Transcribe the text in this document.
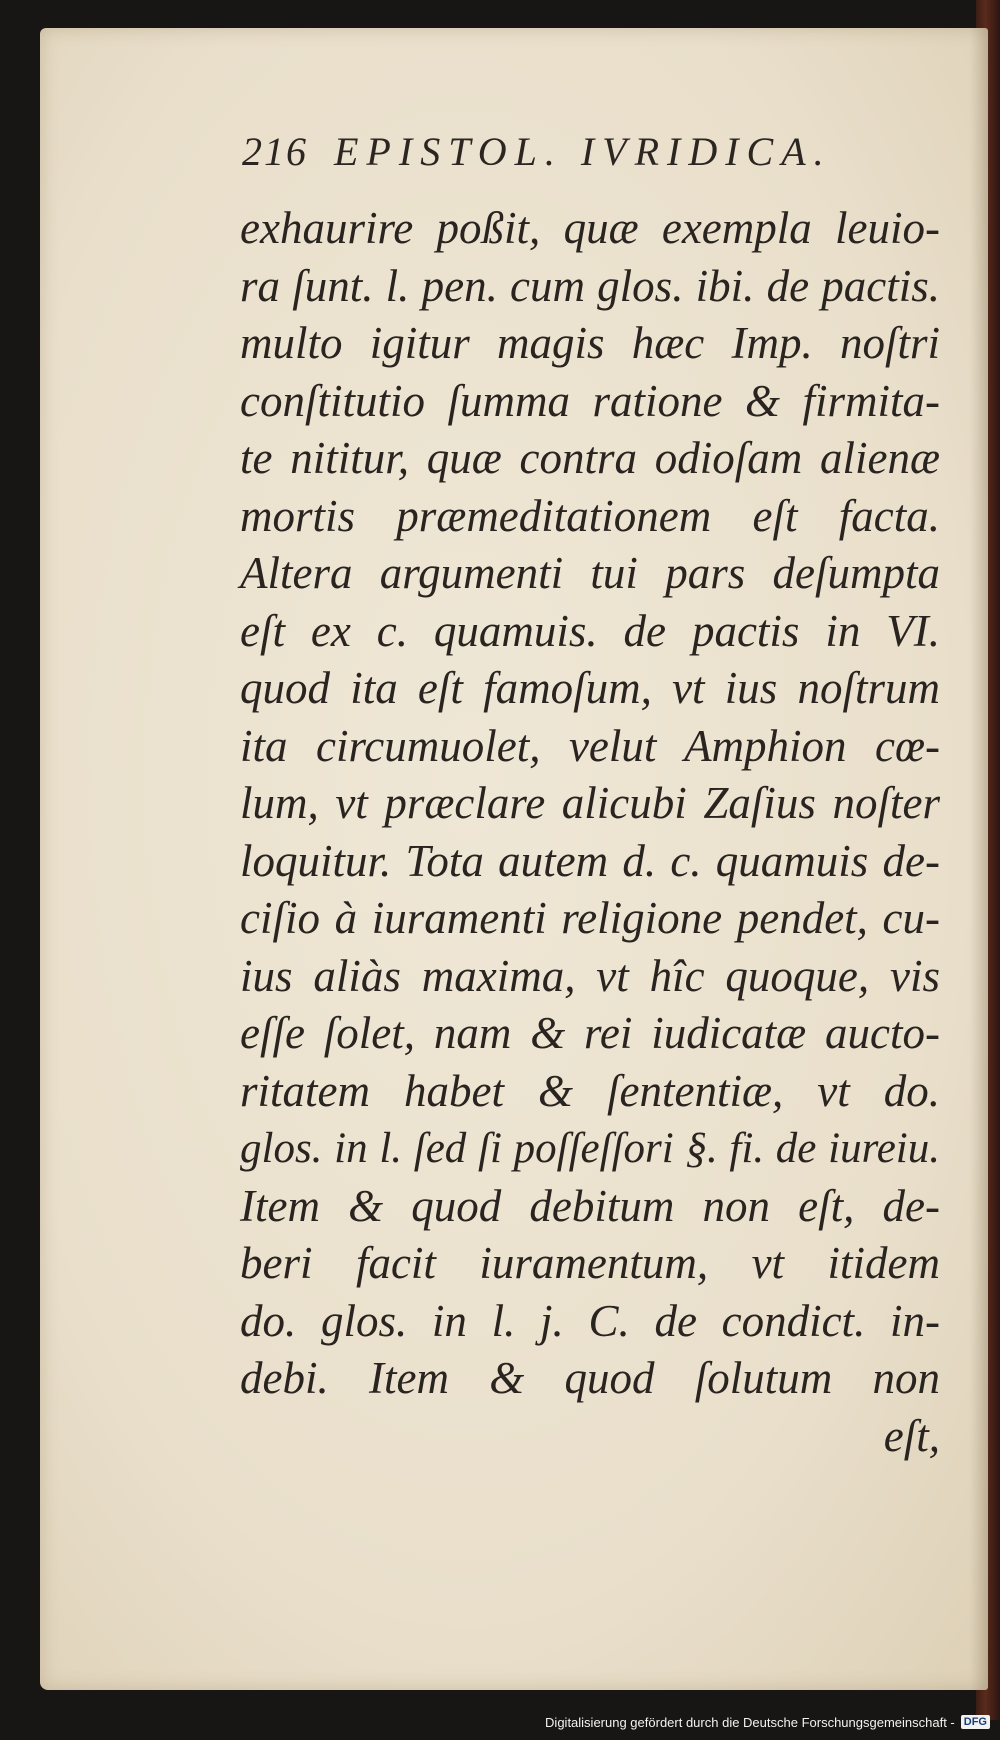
216 EPISTOL. IVRIDICA.
exhaurire poßit, quæ exempla leuio-
ra ſunt. l. pen. cum glos. ibi. de pactis.
multo igitur magis hæc Imp. noſtri
conſtitutio ſumma ratione & firmita-
te nititur, quæ contra odioſam alienæ
mortis præmeditationem eſt facta.
Altera argumenti tui pars deſumpta
eſt ex c. quamuis. de pactis in VI.
quod ita eſt famoſum, vt ius noſtrum
ita circumuolet, velut Amphion cœ-
lum, vt præclare alicubi Zaſius noſter
loquitur. Tota autem d. c. quamuis de-
ciſio à iuramenti religione pendet, cu-
ius aliàs maxima, vt hîc quoque, vis
eſſe ſolet, nam & rei iudicatæ aucto-
ritatem habet & ſententiæ, vt do.
glos. in l. ſed ſi poſſeſſori §. fi. de iureiu.
Item & quod debitum non eſt, de-
beri facit iuramentum, vt itidem
do. glos. in l. j. C. de condict. in-
debi. Item & quod ſolutum non
eſt,
Digitalisierung gefördert durch die Deutsche Forschungsgemeinschaft - DFG
